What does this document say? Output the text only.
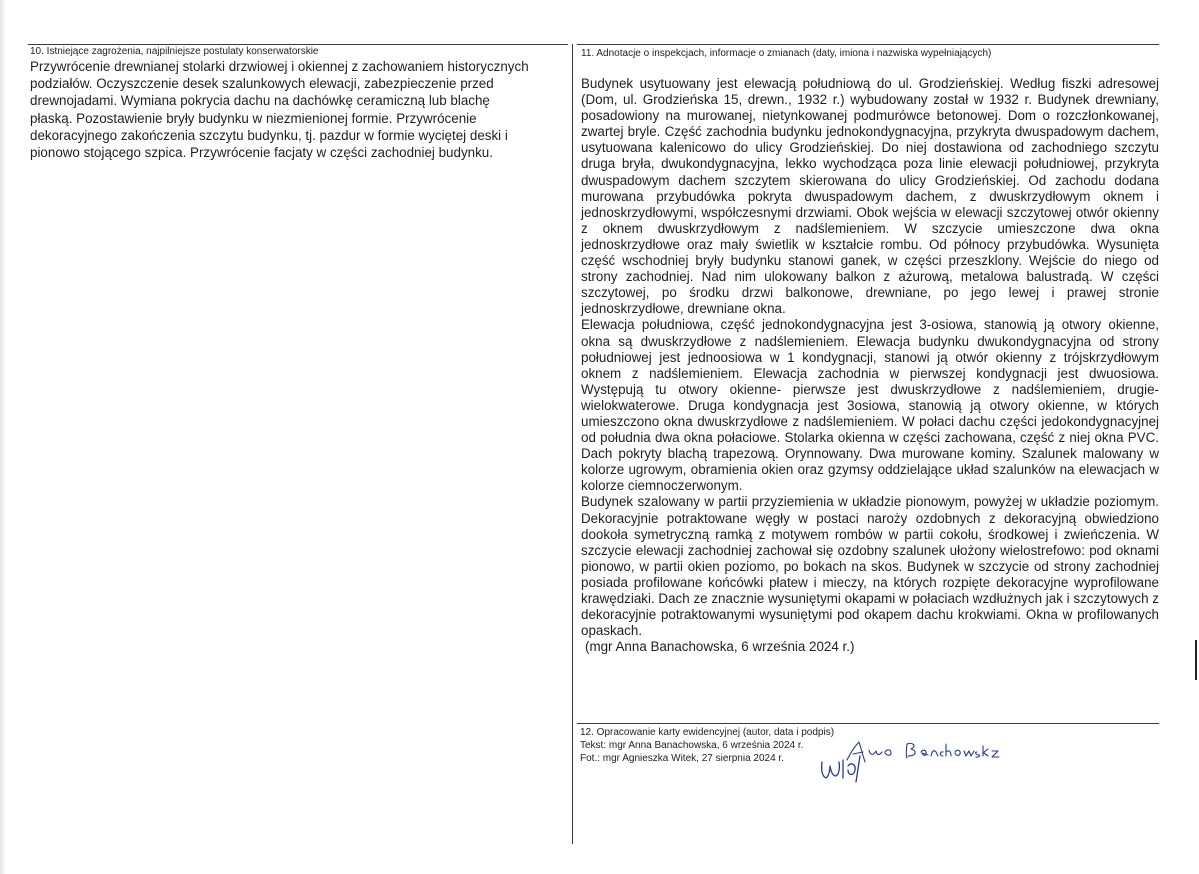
10. Istniejące zagrożenia, najpilniejsze postulaty konserwatorskie

Przywrócenie drewnianej stolarki drzwiowej i okiennej z zachowaniem historycznych

podziałów. Oczyszczenie desek szalunkowych elewacji, zabezpieczenie przed

drewnojadami. Wymiana pokrycia dachu na dachówkę ceramiczną lub blachę

płaską. Pozostawienie bryły budynku w niezmienionej formie. Przywrócenie

dekoracyjnego zakończenia szczytu budynku, tj. pazdur w formie wyciętej deski i

pionowo stojącego szpica. Przywrócenie facjaty w części zachodniej budynku.

11. Adnotacje o inspekcjach, informacje o zmianach (daty, imiona i nazwiska wypełniających)

Budynek usytuowany jest elewacją południową do ul. Grodzieńskiej. Według fiszki adresowej (Dom, ul. Grodzieńska 15, drewn., 1932 r.) wybudowany został w 1932 r. Budynek drewniany, posadowiony na murowanej, nietynkowanej podmurówce betonowej. Dom o rozczłonkowanej, zwartej bryle. Część zachodnia budynku jednokondygnacyjna, przykryta dwuspadowym dachem, usytuowana kalenicowo do ulicy Grodzieńskiej. Do niej dostawiona od zachodniego szczytu druga bryła, dwukondygnacyjna, lekko wychodząca poza linie elewacji południowej, przykryta dwuspadowym dachem szczytem skierowana do ulicy Grodzieńskiej. Od zachodu dodana murowana przybudówka pokryta dwuspadowym dachem, z dwuskrzydłowym oknem i jednoskrzydłowymi, współczesnymi drzwiami. Obok wejścia w elewacji szczytowej otwór okienny z oknem dwuskrzydłowym z nadślemieniem. W szczycie umieszczone dwa okna jednoskrzydłowe oraz mały świetlik w kształcie rombu. Od północy przybudówka. Wysunięta część wschodniej bryły budynku stanowi ganek, w części przeszklony. Wejście do niego od strony zachodniej. Nad nim ulokowany balkon z ażurową, metalowa balustradą. W części szczytowej, po środku drzwi balkonowe, drewniane, po jego lewej i prawej stronie jednoskrzydłowe, drewniane okna.

Elewacja południowa, część jednokondygnacyjna jest 3-osiowa, stanowią ją otwory okienne, okna są dwuskrzydłowe z nadślemieniem. Elewacja budynku dwukondygnacyjna od strony południowej jest jednoosiowa w 1 kondygnacji, stanowi ją otwór okienny z trójskrzydłowym oknem z nadślemieniem. Elewacja zachodnia w pierwszej kondygnacji jest dwuosiowa. Występują tu otwory okienne- pierwsze jest dwuskrzydłowe z nadślemieniem, drugie- wielokwaterowe. Druga kondygnacja jest 3osiowa, stanowią ją otwory okienne, w których umieszczono okna dwuskrzydłowe z nadślemieniem. W połaci dachu części jedokondygnacyjnej od południa dwa okna połaciowe. Stolarka okienna w części zachowana, część z niej okna PVC. Dach pokryty blachą trapezową. Orynnowany. Dwa murowane kominy. Szalunek malowany w kolorze ugrowym, obramienia okien oraz gzymsy oddzielające układ szalunków na elewacjach w kolorze ciemnoczerwonym.

Budynek szalowany w partii przyziemienia w układzie pionowym, powyżej w układzie poziomym. Dekoracyjnie potraktowane węgły w postaci naroży ozdobnych z dekoracyjną obwiedziono dookoła symetryczną ramką z motywem rombów w partii cokołu, środkowej i zwieńczenia. W szczycie elewacji zachodniej zachował się ozdobny szalunek ułożony wielostrefowo: pod oknami pionowo, w partii okien poziomo, po bokach na skos. Budynek w szczycie od strony zachodniej posiada profilowane końcówki płatew i mieczy, na których rozpięte dekoracyjne wyprofilowane krawędziaki. Dach ze znacznie wysuniętymi okapami w połaciach wzdłużnych jak i szczytowych z dekoracyjnie potraktowanymi wysuniętymi pod okapem dachu krokwiami. Okna w profilowanych opaskach.

(mgr Anna Banachowska, 6 września 2024 r.)

12. Opracowanie karty ewidencyjnej (autor, data i podpis)
Tekst: mgr Anna Banachowska, 6 września 2024 r.
Fot.: mgr Agnieszka Witek, 27 sierpnia 2024 r.
